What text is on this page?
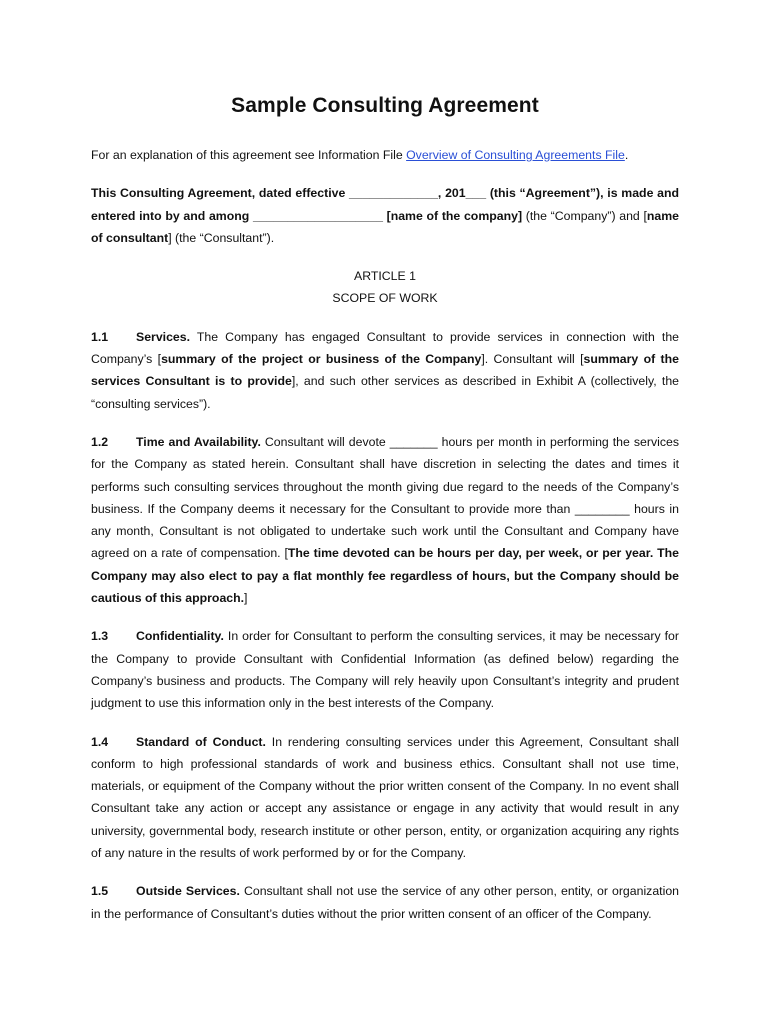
Sample Consulting Agreement
For an explanation of this agreement see Information File Overview of Consulting Agreements File.

This Consulting Agreement, dated effective _____________, 201___ (this “Agreement”), is made and entered into by and among ___________________ [name of the company] (the “Company”) and [name of consultant] (the “Consultant”).

ARTICLE 1
SCOPE OF WORK

1.1 Services. The Company has engaged Consultant to provide services in connection with the Company’s [summary of the project or business of the Company]. Consultant will [summary of the services Consultant is to provide], and such other services as described in Exhibit A (collectively, the “consulting services”).

1.2 Time and Availability. Consultant will devote _______ hours per month in performing the services for the Company as stated herein. Consultant shall have discretion in selecting the dates and times it performs such consulting services throughout the month giving due regard to the needs of the Company’s business. If the Company deems it necessary for the Consultant to provide more than ________ hours in any month, Consultant is not obligated to undertake such work until the Consultant and Company have agreed on a rate of compensation. [The time devoted can be hours per day, per week, or per year. The Company may also elect to pay a flat monthly fee regardless of hours, but the Company should be cautious of this approach.]

1.3 Confidentiality. In order for Consultant to perform the consulting services, it may be necessary for the Company to provide Consultant with Confidential Information (as defined below) regarding the Company’s business and products. The Company will rely heavily upon Consultant’s integrity and prudent judgment to use this information only in the best interests of the Company.

1.4 Standard of Conduct. In rendering consulting services under this Agreement, Consultant shall conform to high professional standards of work and business ethics. Consultant shall not use time, materials, or equipment of the Company without the prior written consent of the Company. In no event shall Consultant take any action or accept any assistance or engage in any activity that would result in any university, governmental body, research institute or other person, entity, or organization acquiring any rights of any nature in the results of work performed by or for the Company.

1.5 Outside Services. Consultant shall not use the service of any other person, entity, or organization in the performance of Consultant’s duties without the prior written consent of an officer of the Company.
